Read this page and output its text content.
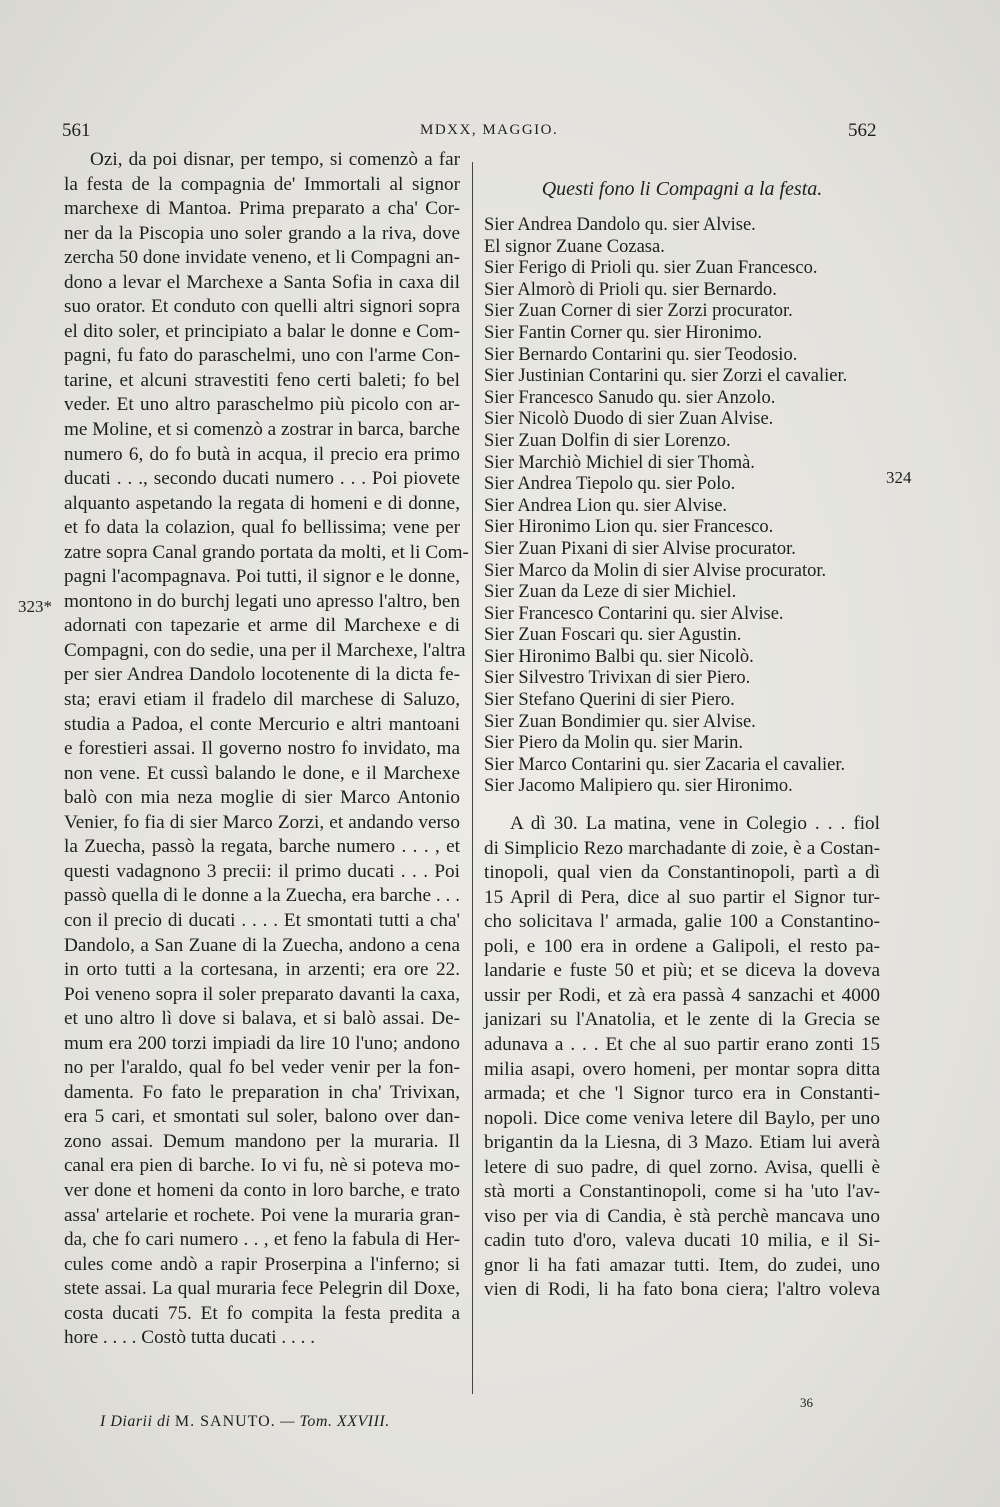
561	MDXX, MAGGIO.	562
323*
324
Ozi, da poi disnar, per tempo, si comenzò a far
la festa de la compagnia de' Immortali al signor
marchexe di Mantoa. Prima preparato a cha' Cor-
ner da la Piscopia uno soler grando a la riva, dove
zercha 50 done invidate veneno, et li Compagni an-
dono a levar el Marchexe a Santa Sofia in caxa dil
suo orator. Et conduto con quelli altri signori sopra
el dito soler, et principiato a balar le donne e Com-
pagni, fu fato do paraschelmi, uno con l'arme Con-
tarine, et alcuni stravestiti feno certi baleti; fo bel
veder. Et uno altro paraschelmo più picolo con ar-
me Moline, et si comenzò a zostrar in barca, barche
numero 6, do fo butà in acqua, il precio era primo
ducati . . ., secondo ducati numero . . . Poi piovete
alquanto aspetando la regata di homeni e di donne,
et fo data la colazion, qual fo bellissima; vene per
zatre sopra Canal grando portata da molti, et li Com-
pagni l'acompagnava. Poi tutti, il signor e le donne,
montono in do burchj legati uno apresso l'altro, ben
adornati con tapezarie et arme dil Marchexe e di
Compagni, con do sedie, una per il Marchexe, l'altra
per sier Andrea Dandolo locotenente di la dicta fe-
sta; eravi etiam il fradelo dil marchese di Saluzo,
studia a Padoa, el conte Mercurio e altri mantoani
e forestieri assai. Il governo nostro fo invidato, ma
non vene. Et cussì balando le done, e il Marchexe
balò con mia neza moglie di sier Marco Antonio
Venier, fo fia di sier Marco Zorzi, et andando verso
la Zuecha, passò la regata, barche numero . . . , et
questi vadagnono 3 precii: il primo ducati . . . Poi
passò quella di le donne a la Zuecha, era barche . . .
con il precio di ducati . . . . Et smontati tutti a cha'
Dandolo, a San Zuane di la Zuecha, andono a cena
in orto tutti a la cortesana, in arzenti; era ore 22.
Poi veneno sopra il soler preparato davanti la caxa,
et uno altro lì dove si balava, et si balò assai. De-
mum era 200 torzi impiadi da lire 10 l'uno; andono
no per l'araldo, qual fo bel veder venir per la fon-
damenta. Fo fato le preparation in cha' Trivixan,
era 5 cari, et smontati sul soler, balono over dan-
zono assai. Demum mandono per la muraria. Il
canal era pien di barche. Io vi fu, nè si poteva mo-
ver done et homeni da conto in loro barche, e trato
assa' artelarie et rochete. Poi vene la muraria gran-
da, che fo cari numero . . , et feno la fabula di Her-
cules come andò a rapir Proserpina a l'inferno; si
stete assai. La qual muraria fece Pelegrin dil Doxe,
costa ducati 75. Et fo compita la festa predita a
hore . . . . Costò tutta ducati . . . .
Questi fono li Compagni a la festa.
Sier Andrea Dandolo qu. sier Alvise.
El signor Zuane Cozasa.
Sier Ferigo di Prioli qu. sier Zuan Francesco.
Sier Almorò di Prioli qu. sier Bernardo.
Sier Zuan Corner di sier Zorzi procurator.
Sier Fantin Corner qu. sier Hironimo.
Sier Bernardo Contarini qu. sier Teodosio.
Sier Justinian Contarini qu. sier Zorzi el cavalier.
Sier Francesco Sanudo qu. sier Anzolo.
Sier Nicolò Duodo di sier Zuan Alvise.
Sier Zuan Dolfin di sier Lorenzo.
Sier Marchiò Michiel di sier Thomà.
Sier Andrea Tiepolo qu. sier Polo.
Sier Andrea Lion qu. sier Alvise.
Sier Hironimo Lion qu. sier Francesco.
Sier Zuan Pixani di sier Alvise procurator.
Sier Marco da Molin di sier Alvise procurator.
Sier Zuan da Leze di sier Michiel.
Sier Francesco Contarini qu. sier Alvise.
Sier Zuan Foscari qu. sier Agustin.
Sier Hironimo Balbi qu. sier Nicolò.
Sier Silvestro Trivixan di sier Piero.
Sier Stefano Querini di sier Piero.
Sier Zuan Bondimier qu. sier Alvise.
Sier Piero da Molin qu. sier Marin.
Sier Marco Contarini qu. sier Zacaria el cavalier.
Sier Jacomo Malipiero qu. sier Hironimo.
A dì 30. La matina, vene in Colegio . . . fiol
di Simplicio Rezo marchadante di zoie, è a Costan-
tinopoli, qual vien da Constantinopoli, partì a dì
15 April di Pera, dice al suo partir el Signor tur-
cho solicitava l' armada, galie 100 a Constantino-
poli, e 100 era in ordene a Galipoli, el resto pa-
landarie e fuste 50 et più; et se diceva la doveva
ussir per Rodi, et zà era passà 4 sanzachi et 4000
janizari su l'Anatolia, et le zente di la Grecia se
adunava a . . . Et che al suo partir erano zonti 15
milia asapi, overo homeni, per montar sopra ditta
armada; et che 'l Signor turco era in Constanti-
nopoli. Dice come veniva letere dil Baylo, per uno
brigantin da la Liesna, di 3 Mazo. Etiam lui averà
letere di suo padre, di quel zorno. Avisa, quelli è
stà morti a Constantinopoli, come si ha 'uto l'av-
viso per via di Candia, è stà perchè mancava uno
cadin tuto d'oro, valeva ducati 10 milia, e il Si-
gnor li ha fati amazar tutti. Item, do zudei, uno
vien di Rodi, li ha fato bona ciera; l'altro voleva
I Diarii di M. SANUTO. — Tom. XXVIII.
36
